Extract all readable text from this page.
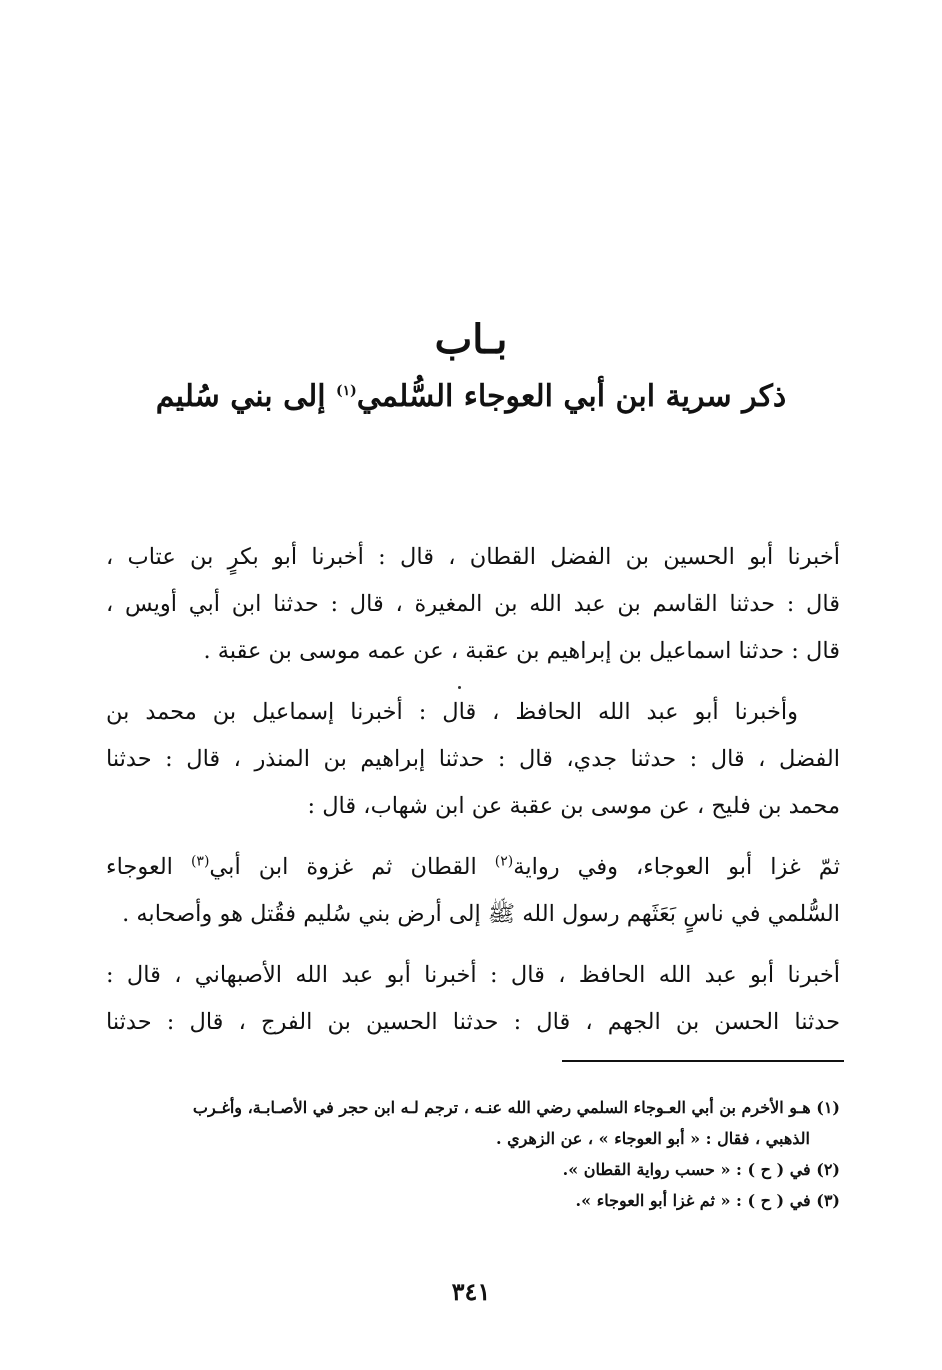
بـاب
ذكر سرية ابن أبي العوجاء السُّلمي$^{(١)}$ إلى بني سُليم

أخبرنا أبو الحسين بن الفضل القطان ، قال : أخبرنا أبو بكرٍ بن عتاب ،
قال : حدثنا القاسم بن عبد الله بن المغيرة ، قال : حدثنا ابن أبي أويس ،
قال : حدثنا اسماعيل بن إبراهيم بن عقبة ، عن عمه موسى بن عقبة .

وأخبرنا أبو عبد الله الحافظ ، قال : أخبرنا إسماعيل بن محمد بن
الفضل ، قال : حدثنا جدي، قال : حدثنا إبراهيم بن المنذر ، قال : حدثنا
محمد بن فليح ، عن موسى بن عقبة عن ابن شهاب، قال :

ثمّ غزا أبو العوجاء، وفي رواية$^{(٢)}$ القطان ثم غزوة ابن أبي$^{(٣)}$ العوجاء
السُّلمي في ناسٍ بَعَثَهم رسول الله ﷺ إلى أرض بني سُليم فقُتل هو وأصحابه .

أخبرنا أبو عبد الله الحافظ ، قال : أخبرنا أبو عبد الله الأصبهاني ، قال :
حدثنا الحسن بن الجهم ، قال : حدثنا الحسين بن الفرج ، قال : حدثنا

(١) هـو الأخرم بن أبي العـوجاء السلمي رضي الله عنـه ، ترجم لـه ابن حجر في الأصـابـة، وأغـرب
الذهبي ، فقال : « أبو العوجاء » ، عن الزهري .

(٢) في ( ح ) : « حسب رواية القطان ».

(٣) في ( ح ) : « ثم غزا أبو العوجاء ».

٣٤١
